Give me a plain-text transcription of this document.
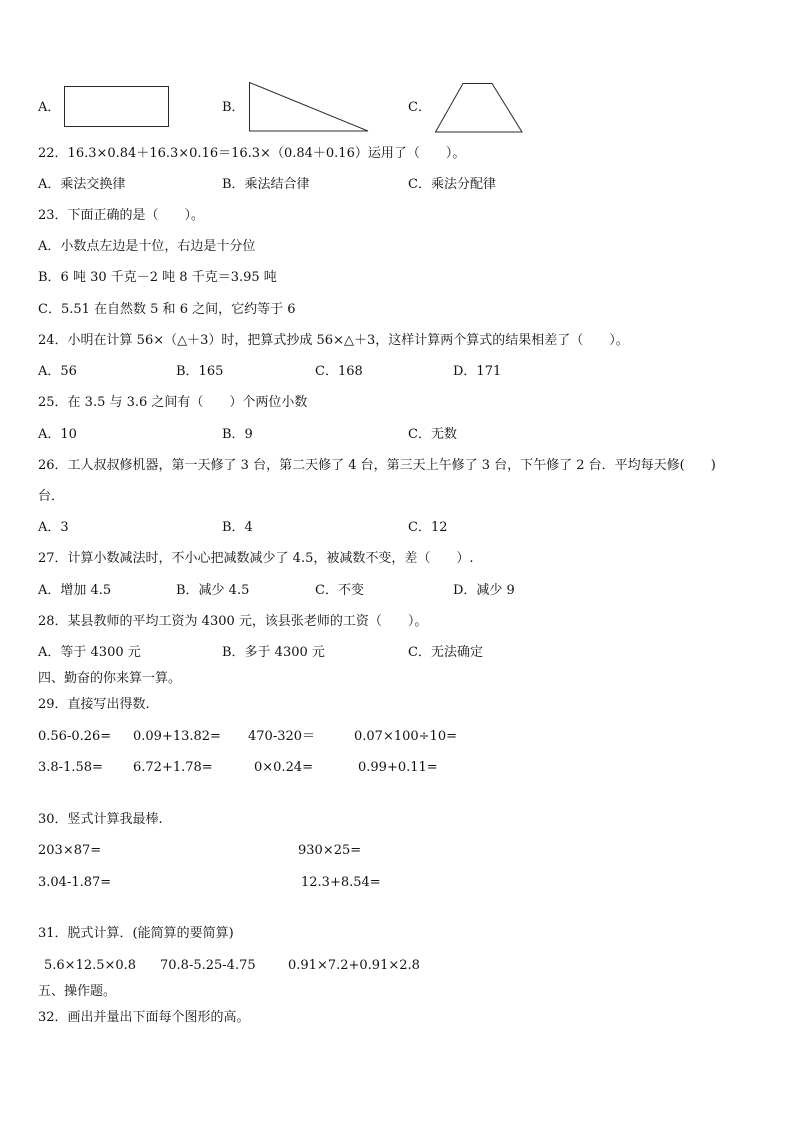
A．	B．	C．
22．16.3×0.84＋16.3×0.16＝16.3×（0.84＋0.16）运用了（　　）。
A．乘法交换律	B．乘法结合律	C．乘法分配律
23．下面正确的是（　　）。
A．小数点左边是十位，右边是十分位
B．6 吨 30 千克－2 吨 8 千克＝3.95 吨
C．5.51 在自然数 5 和 6 之间，它约等于 6
24．小明在计算 56×（△＋3）时，把算式抄成 56×△＋3，这样计算两个算式的结果相差了（　　）。
A．56	B．165	C．168	D．171
25．在 3.5 与 3.6 之间有（　　）个两位小数
A．10	B．9	C．无数
26．工人叔叔修机器，第一天修了 3 台，第二天修了 4 台，第三天上午修了 3 台，下午修了 2 台．平均每天修(　　)
台．
A．3	B．4	C．12
27．计算小数减法时，不小心把减数减少了 4.5，被减数不变，差（　　）.
A．增加 4.5	B．减少 4.5	C．不变	D．减少 9
28．某县教师的平均工资为 4300 元，该县张老师的工资（　　）。
A．等于 4300 元	B．多于 4300 元	C．无法确定
四、勤奋的你来算一算。
29．直接写出得数.
0.56-0.26= 0.09+13.82= 470-320＝	0.07×100÷10=
3.8-1.58= 6.72+1.78=	0×0.24=	0.99+0.11=
30．竖式计算我最棒.
203×87=	930×25=
3.04-1.87=	12.3+8.54=
31．脱式计算．(能简算的要简算)
5.6×12.5×0.8 70.8-5.25-4.75 0.91×7.2+0.91×2.8
五、操作题。
32．画出并量出下面每个图形的高。
